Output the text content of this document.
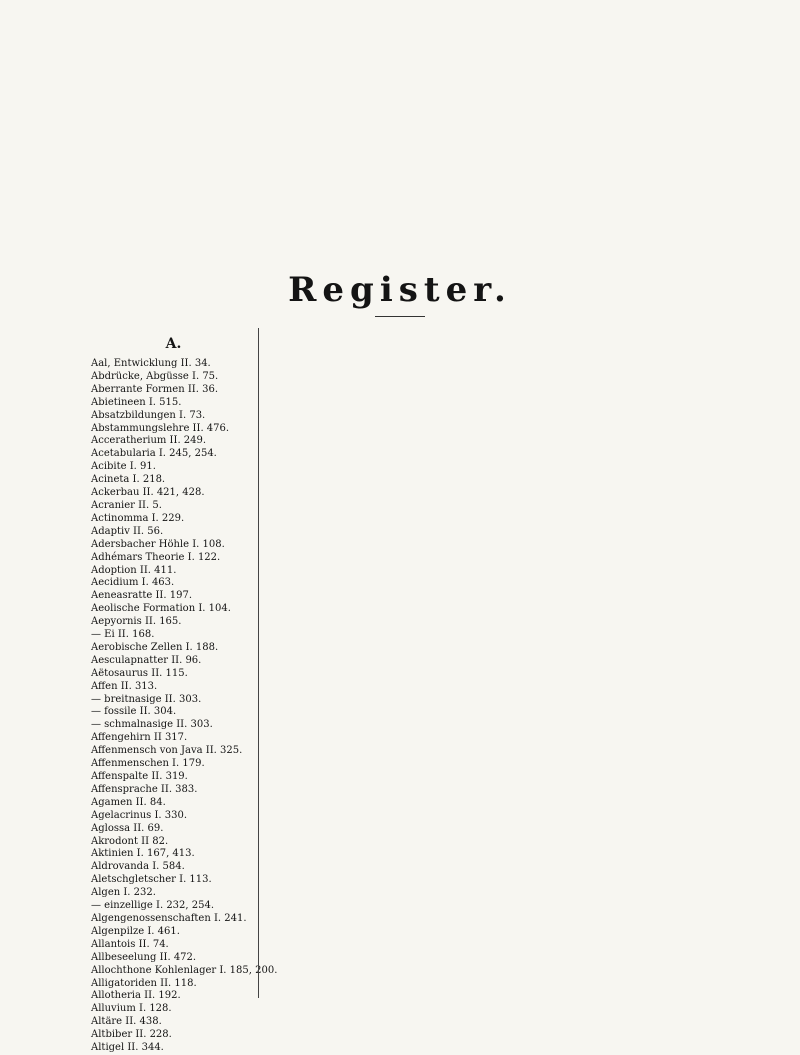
Register.
A.
Aal, Entwicklung II. 34.
Abdrücke, Abgüsse I. 75.
Aberrante Formen II. 36.
Abietineen I. 515.
Absatzbildungen I. 73.
Abstammungslehre II. 476.
Acceratherium II. 249.
Acetabularia I. 245, 254.
Acibite I. 91.
Acineta I. 218.
Ackerbau II. 421, 428.
Acranier II. 5.
Actinomma I. 229.
Adaptiv II. 56.
Adersbacher Höhle I. 108.
Adhémars Theorie I. 122.
Adoption II. 411.
Aecidium I. 463.
Aeneasratte II. 197.
Aeolische Formation I. 104.
Aepyornis II. 165.
— Ei II. 168.
Aerobische Zellen I. 188.
Aesculapnatter II. 96.
Aëtosaurus II. 115.
Affen II. 313.
— breitnasige II. 303.
— fossile II. 304.
— schmalnasige II. 303.
Affengehirn II 317.
Affenmensch von Java II. 325.
Affenmenschen I. 179.
Affenspalte II. 319.
Affensprache II. 383.
Agamen II. 84.
Agelacrinus I. 330.
Aglossa II. 69.
Akrodont II 82.
Aktinien I. 167, 413.
Aldrovanda I. 584.
Aletschgletscher I. 113.
Algen I. 232.
— einzellige I. 232, 254.
Algengenossenschaften I. 241.
Algenpilze I. 461.
Allantois II. 74.
Allbeseelung II. 472.
Allochthone Kohlenlager I. 185, 200.
Alligatoriden II. 118.
Allotheria II. 192.
Alluvium I. 128.
Altäre II. 438.
Altbiber II. 228.
Altigel II. 344.
